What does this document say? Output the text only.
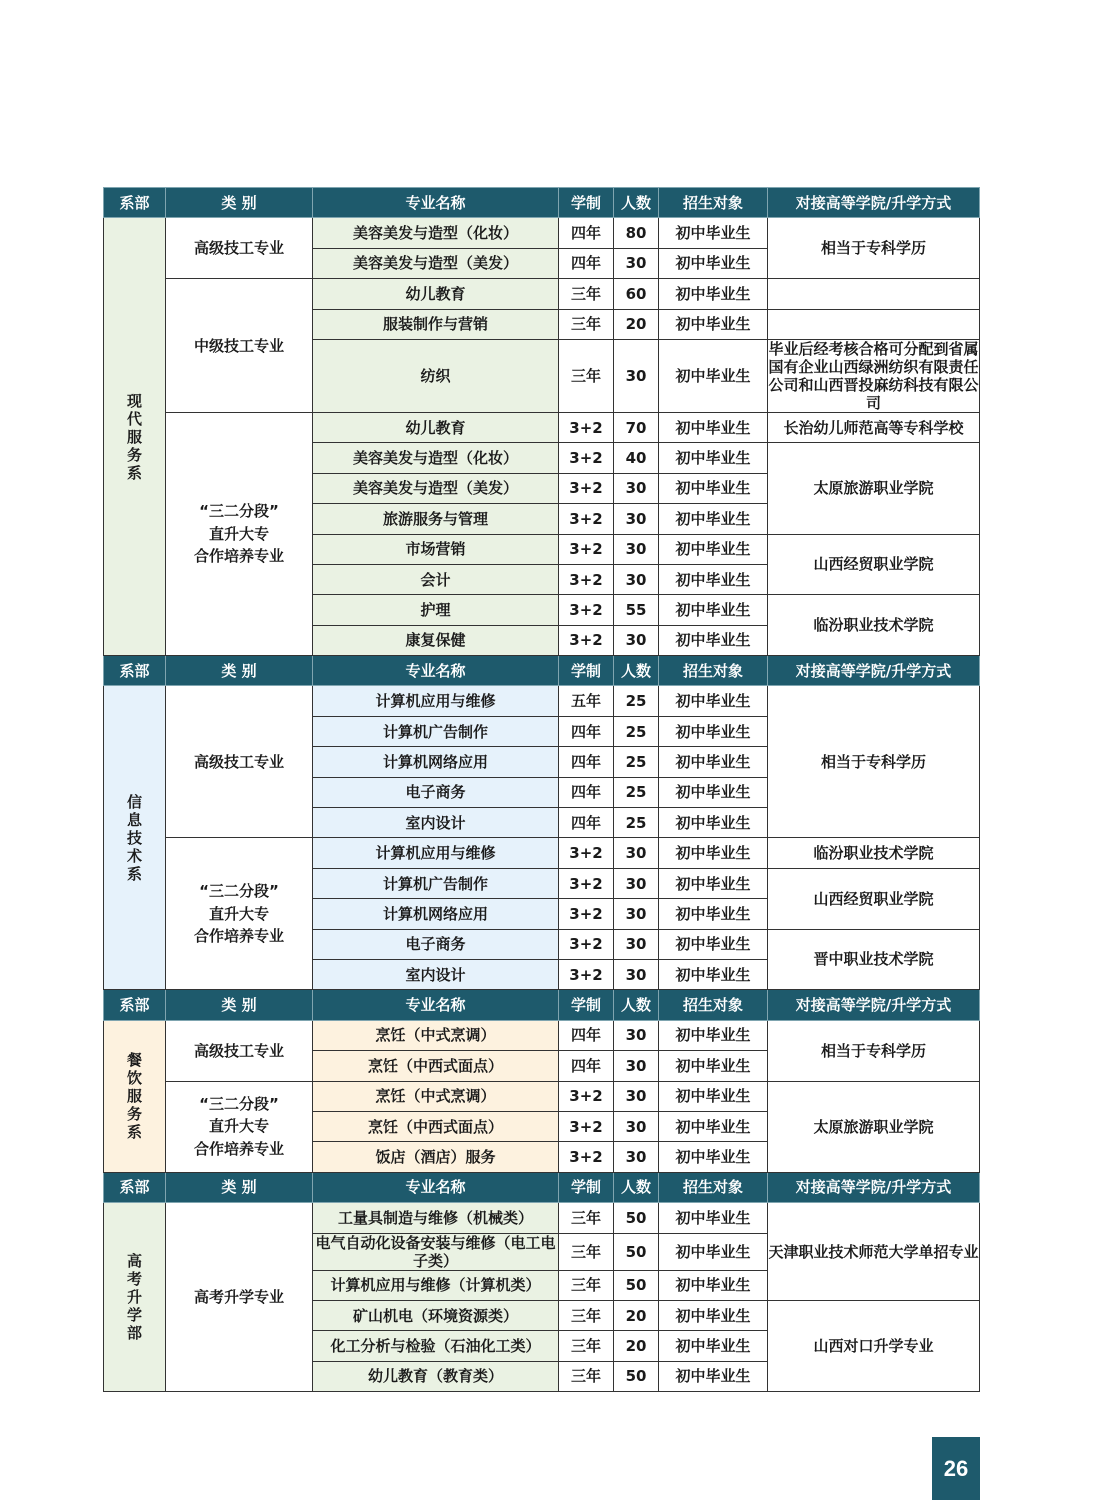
系部	类 别	专业名称	学制	人数	招生对象	对接高等学院/升学方式

现
代
服
务
系	高级技工专业	美容美发与造型（化妆）	四年	80	初中毕业生	相当于专科学历
		美容美发与造型（美发）	四年	30	初中毕业生	
	中级技工专业	幼儿教育	三年	60	初中毕业生	
		服装制作与营销	三年	20	初中毕业生	
		纺织	三年	30	初中毕业生	毕业后经考核合格可分配到省属国有企业山西绿洲纺织有限责任公司和山西晋投麻纺科技有限公司

	“三二分段”
直升大专
合作培养专业	幼儿教育	3+2	70	初中毕业生	长治幼儿师范高等专科学校
		美容美发与造型（化妆）	3+2	40	初中毕业生	太原旅游职业学院
		美容美发与造型（美发）	3+2	30	初中毕业生	
		旅游服务与管理	3+2	30	初中毕业生	
		市场营销	3+2	30	初中毕业生	山西经贸职业学院
		会计	3+2	30	初中毕业生	
		护理	3+2	55	初中毕业生	临汾职业技术学院
		康复保健	3+2	30	初中毕业生	
系部	类 别	专业名称	学制	人数	招生对象	对接高等学院/升学方式

信
息
技
术
系	高级技工专业	计算机应用与维修	五年	25	初中毕业生	相当于专科学历
		计算机广告制作	四年	25	初中毕业生	
		计算机网络应用	四年	25	初中毕业生	
		电子商务	四年	25	初中毕业生	
		室内设计	四年	25	初中毕业生	

	“三二分段”
直升大专
合作培养专业	计算机应用与维修	3+2	30	初中毕业生	临汾职业技术学院
		计算机广告制作	3+2	30	初中毕业生	山西经贸职业学院
		计算机网络应用	3+2	30	初中毕业生	
		电子商务	3+2	30	初中毕业生	晋中职业技术学院
		室内设计	3+2	30	初中毕业生	
系部	类 别	专业名称	学制	人数	招生对象	对接高等学院/升学方式

餐
饮
服
务
系	高级技工专业	烹饪（中式烹调）	四年	30	初中毕业生	相当于专科学历
		烹饪（中西式面点）	四年	30	初中毕业生	

	“三二分段”
直升大专
合作培养专业	烹饪（中式烹调）	3+2	30	初中毕业生	太原旅游职业学院
		烹饪（中西式面点）	3+2	30	初中毕业生	
		饭店（酒店）服务	3+2	30	初中毕业生	
系部	类 别	专业名称	学制	人数	招生对象	对接高等学院/升学方式

高
考
升
学
部	高考升学专业	工量具制造与维修（机械类）	三年	50	初中毕业生	天津职业技术师范大学单招专业
		电气自动化设备安装与维修（电工电子类）	三年	50	初中毕业生	
		计算机应用与维修（计算机类）	三年	50	初中毕业生	
		矿山机电（环境资源类）	三年	20	初中毕业生	山西对口升学专业
		化工分析与检验（石油化工类）	三年	20	初中毕业生	
		幼儿教育（教育类）	三年	50	初中毕业生	
26
